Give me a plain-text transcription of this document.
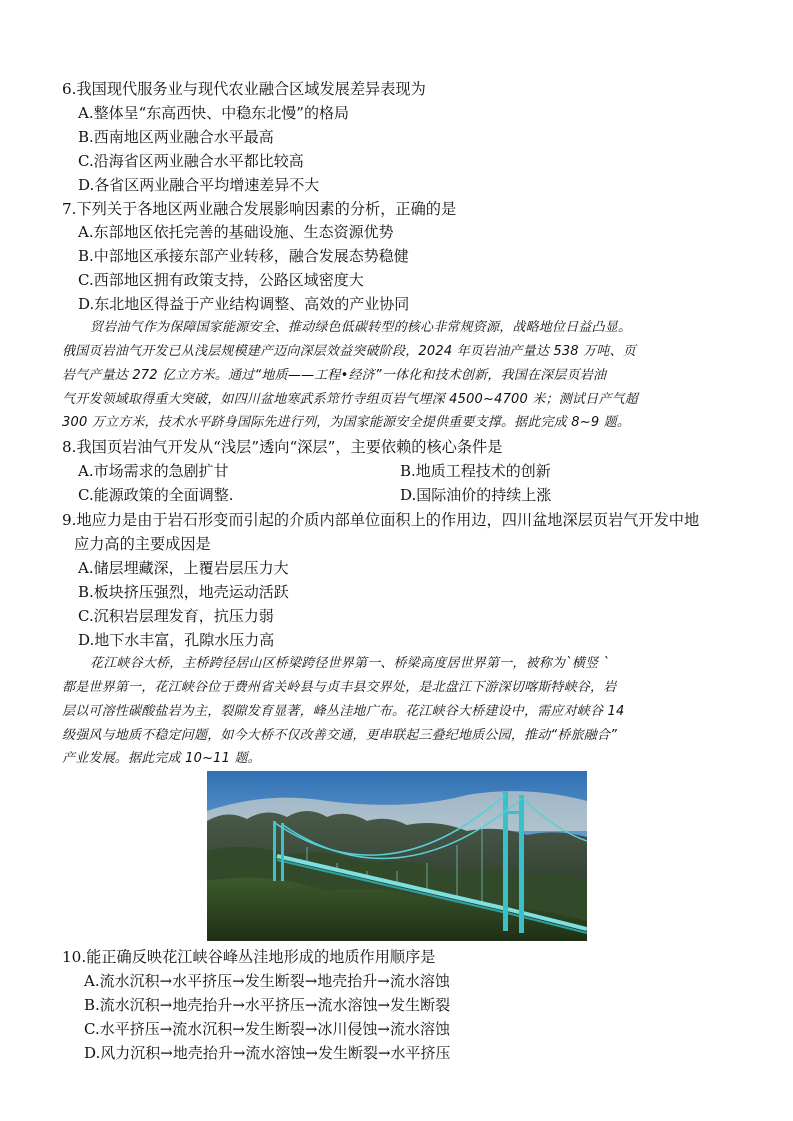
6.我国现代服务业与现代农业融合区域发展差异表现为
A.整体呈“东高西快、中稳东北慢”的格局
B.西南地区两业融合水平最高
C.沿海省区两业融合水平都比较高
D.各省区两业融合平均增速差异不大
7.下列关于各地区两业融合发展影响因素的分析，正确的是
A.东部地区依托完善的基础设施、生态资源优势
B.中部地区承接东部产业转移，融合发展态势稳健
C.西部地区拥有政策支持，公路区域密度大
D.东北地区得益于产业结构调整、高效的产业协同
贸岩油气作为保障国家能源安全、推动绿色低碳转型的核心非常规资源，战略地位日益凸显。
俄国页岩油气开发已从浅层规模建产迈向深层效益突破阶段，2024 年页岩油产量达 538 万吨、页
岩气产量达 272 亿立方米。通过“地质——工程•经济”一体化和技术创新，我国在深层页岩油
气开发领域取得重大突破，如四川盆地寒武系筇竹寺组页岩气埋深 4500~4700 米；测试日产气超
300 万立方米，技术水平跻身国际先进行列，为国家能源安全提供重要支撑。据此完成 8~9 题。
8.我国页岩油气开发从“浅层”透向“深层”，主要依赖的核心条件是
A.市场需求的急剧扩甘	B.地质工程技术的创新
C.能源政策的全面调整.	D.国际油价的持续上涨
9.地应力是由于岩石形变而引起的介质内部单位面积上的作用边，四川盆地深层页岩气开发中地
应力高的主要成因是
A.储层埋藏深，上覆岩层压力大
B.板块挤压强烈，地壳运动活跃
C.沉积岩层理发育，抗压力弱
D.地下水丰富，孔隙水压力高
花江峡谷大桥，主桥跨径居山区桥梁跨径世界第一、桥梁高度居世界第一，被称为`横竖 `
都是世界第一，花江峡谷位于费州省关岭县与贞丰县交界处，是北盘江下游深切喀斯特峡谷，岩
层以可溶性碳酸盐岩为主，裂隙发育显著，峰丛洼地广布。花江峡谷大桥建设中，需应对峡谷 14
级强风与地质不稳定问题，如今大桥不仅改善交通，更串联起三叠纪地质公园，推动“桥旅融合”
产业发展。据此完成 10~11 题。
10.能正确反映花江峡谷峰丛洼地形成的地质作用顺序是
A.流水沉积→水平挤压→发生断裂→地壳抬升→流水溶蚀
B.流水沉积→地壳抬升→水平挤压→流水溶蚀→发生断裂
C.水平挤压→流水沉积→发生断裂→冰川侵蚀→流水溶蚀
D.风力沉积→地壳抬升→流水溶蚀→发生断裂→水平挤压
